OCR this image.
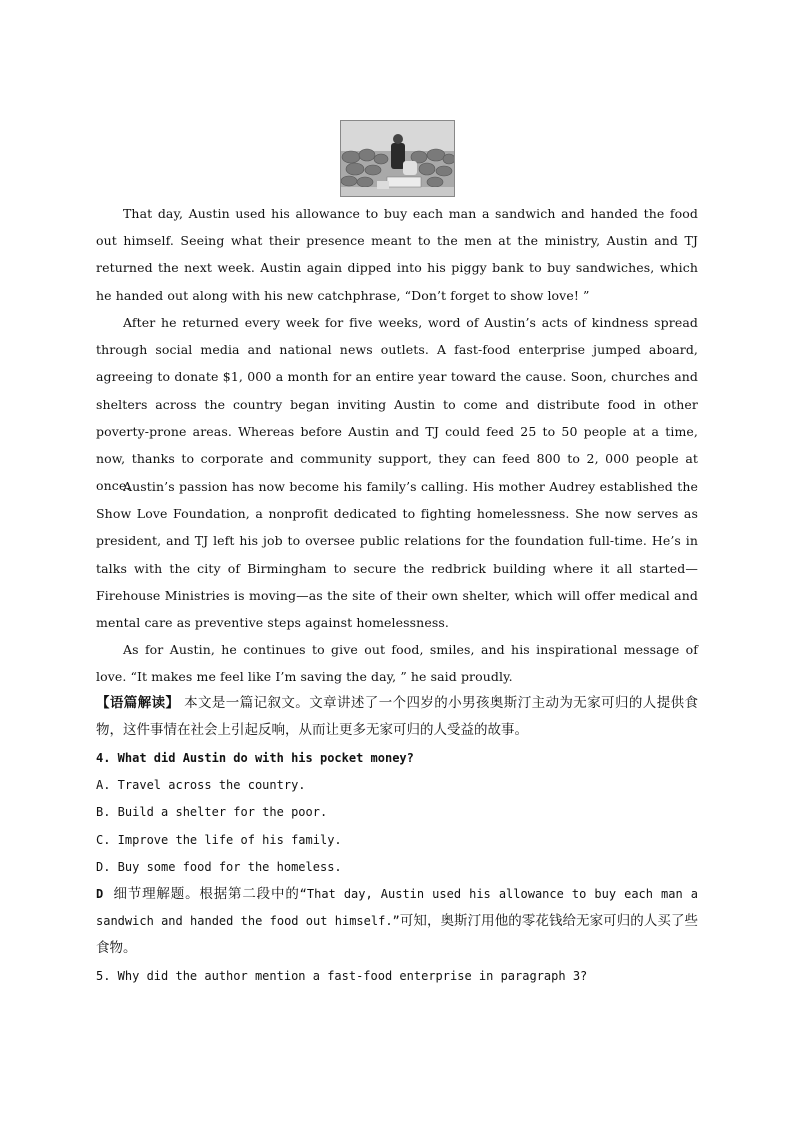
That day, Austin used his allowance to buy each man a sandwich and handed the food out himself. Seeing what their presence meant to the men at the ministry, Austin and TJ returned the next week. Austin again dipped into his piggy bank to buy sandwiches, which he handed out along with his new catchphrase, “Don’t forget to show love! ”

After he returned every week for five weeks, word of Austin’s acts of kindness spread through social media and national news outlets. A fast-food enterprise jumped aboard, agreeing to donate $1, 000 a month for an entire year toward the cause. Soon, churches and shelters across the country began inviting Austin to come and distribute food in other poverty-prone areas. Whereas before Austin and TJ could feed 25 to 50 people at a time, now, thanks to corporate and community support, they can feed 800 to 2, 000 people at once.

Austin’s passion has now become his family’s calling. His mother Audrey established the Show Love Foundation, a nonprofit dedicated to fighting homelessness. She now serves as president, and TJ left his job to oversee public relations for the foundation full-time. He’s in talks with the city of Birmingham to secure the redbrick building where it all started—Firehouse Ministries is moving—as the site of their own shelter, which will offer medical and mental care as preventive steps against homelessness.

As for Austin, he continues to give out food, smiles, and his inspirational message of love. “It makes me feel like I’m saving the day, ” he said proudly.

【语篇解读】 本文是一篇记叙文。文章讲述了一个四岁的小男孩奥斯汀主动为无家可归的人提供食物，这件事情在社会上引起反响，从而让更多无家可归的人受益的故事。

4. What did Austin do with his pocket money?

A. Travel across the country.

B. Build a shelter for the poor.

C. Improve the life of his family.

D. Buy some food for the homeless.

D 细节理解题。根据第二段中的“That day, Austin used his allowance to buy each man a sandwich and handed the food out himself.”可知，奥斯汀用他的零花钱给无家可归的人买了些食物。

5. Why did the author mention a fast-food enterprise in paragraph 3?
